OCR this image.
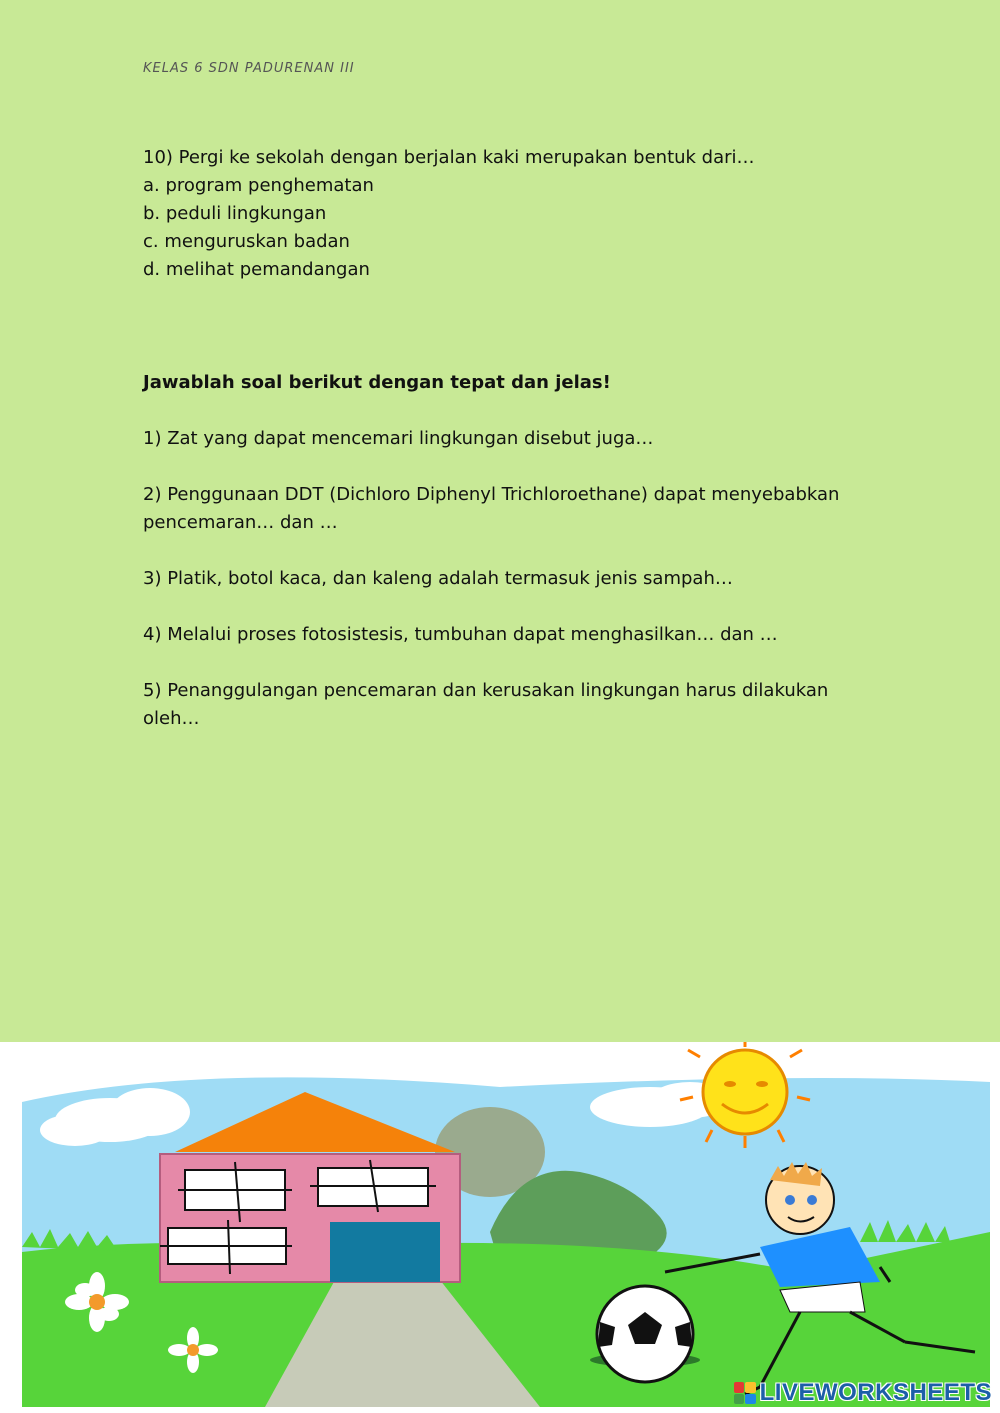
KELAS 6 SDN PADURENAN III
10) Pergi ke sekolah dengan berjalan kaki merupakan bentuk dari…
a. program penghematan
b. peduli lingkungan
c. menguruskan badan
d. melihat pemandangan
Jawablah soal berikut dengan tepat dan jelas!
1) Zat yang dapat mencemari lingkungan disebut juga…
2) Penggunaan DDT (Dichloro Diphenyl Trichloroethane) dapat menyebabkan pencemaran… dan …
3) Platik, botol kaca, dan kaleng adalah termasuk jenis sampah…
4) Melalui proses fotosistesis, tumbuhan dapat menghasilkan… dan …
5) Penanggulangan pencemaran dan kerusakan lingkungan harus dilakukan oleh…
LIVEWORKSHEETS
